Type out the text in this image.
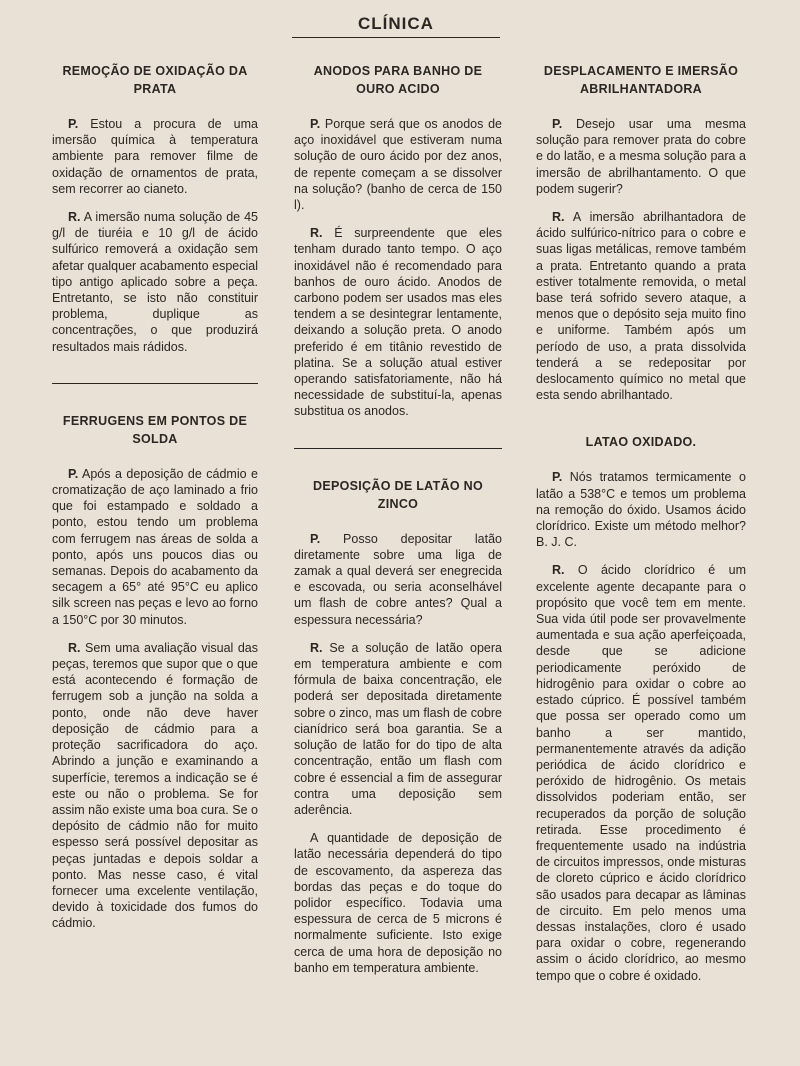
CLÍNICA
REMOÇÃO DE OXIDAÇÃO DA PRATA

P. Estou a procura de uma imersão química à temperatura ambiente para remover filme de oxidação de ornamentos de prata, sem recorrer ao cianeto.

R. A imersão numa solução de 45 g/l de tiuréia e 10 g/l de ácido sulfúrico removerá a oxidação sem afetar qualquer acabamento especial tipo antigo aplicado sobre a peça. Entretanto, se isto não constituir problema, duplique as concentrações, o que produzirá resultados mais rádidos.

FERRUGENS EM PONTOS DE SOLDA

P. Após a deposição de cádmio e cromatização de aço laminado a frio que foi estampado e soldado a ponto, estou tendo um problema com ferrugem nas áreas de solda a ponto, após uns poucos dias ou semanas. Depois do acabamento da secagem a 65° até 95°C eu aplico silk screen nas peças e levo ao forno a 150°C por 30 minutos.

R. Sem uma avaliação visual das peças, teremos que supor que o que está acontecendo é formação de ferrugem sob a junção na solda a ponto, onde não deve haver deposição de cádmio para a proteção sacrificadora do aço. Abrindo a junção e examinando a superfície, teremos a indicação se é este ou não o problema. Se for assim não existe uma boa cura. Se o depósito de cádmio não for muito espesso será possível depositar as peças juntadas e depois soldar a ponto. Mas nesse caso, é vital fornecer uma excelente ventilação, devido à toxicidade dos fumos do cádmio.

ANODOS PARA BANHO DE OURO ACIDO

P. Porque será que os anodos de aço inoxidável que estiveram numa solução de ouro ácido por dez anos, de repente começam a se dissolver na solução? (banho de cerca de 150 l).

R. É surpreendente que eles tenham durado tanto tempo. O aço inoxidável não é recomendado para banhos de ouro ácido. Anodos de carbono podem ser usados mas eles tendem a se desintegrar lentamente, deixando a solução preta. O anodo preferido é em titânio revestido de platina. Se a solução atual estiver operando satisfatoriamente, não há necessidade de substituí-la, apenas substitua os anodos.

DEPOSIÇÃO DE LATÃO NO ZINCO

P. Posso depositar latão diretamente sobre uma liga de zamak a qual deverá ser enegrecida e escovada, ou seria aconselhável um flash de cobre antes? Qual a espessura necessária?

R. Se a solução de latão opera em temperatura ambiente e com fórmula de baixa concentração, ele poderá ser depositada diretamente sobre o zinco, mas um flash de cobre cianídrico será boa garantia. Se a solução de latão for do tipo de alta concentração, então um flash com cobre é essencial a fim de assegurar contra uma deposição sem aderência.

A quantidade de deposição de latão necessária dependerá do tipo de escovamento, da aspereza das bordas das peças e do toque do polidor específico. Todavia uma espessura de cerca de 5 microns é normalmente suficiente. Isto exige cerca de uma hora de deposição no banho em temperatura ambiente.

DESPLACAMENTO E IMERSÃO ABRILHANTADORA

P. Desejo usar uma mesma solução para remover prata do cobre e do latão, e a mesma solução para a imersão de abrilhantamento. O que podem sugerir?

R. A imersão abrilhantadora de ácido sulfúrico-nítrico para o cobre e suas ligas metálicas, remove também a prata. Entretanto quando a prata estiver totalmente removida, o metal base terá sofrido severo ataque, a menos que o depósito seja muito fino e uniforme. Também após um período de uso, a prata dissolvida tenderá a se redepositar por deslocamento químico no metal que esta sendo abrilhantado.

LATAO OXIDADO.

P. Nós tratamos termicamente o latão a 538°C e temos um problema na remoção do óxido. Usamos ácido clorídrico. Existe um método melhor? B. J. C.

R. O ácido clorídrico é um excelente agente decapante para o propósito que você tem em mente. Sua vida útil pode ser provavelmente aumentada e sua ação aperfeiçoada, desde que se adicione periodicamente peróxido de hidrogênio para oxidar o cobre ao estado cúprico. É possível também que possa ser operado como um banho a ser mantido, permanentemente através da adição periódica de ácido clorídrico e peróxido de hidrogênio. Os metais dissolvidos poderiam então, ser recuperados da porção de solução retirada. Esse procedimento é frequentemente usado na indústria de circuitos impressos, onde misturas de cloreto cúprico e ácido clorídrico são usados para decapar as lâminas de circuito. Em pelo menos uma dessas instalações, cloro é usado para oxidar o cobre, regenerando assim o ácido clorídrico, ao mesmo tempo que o cobre é oxidado.
